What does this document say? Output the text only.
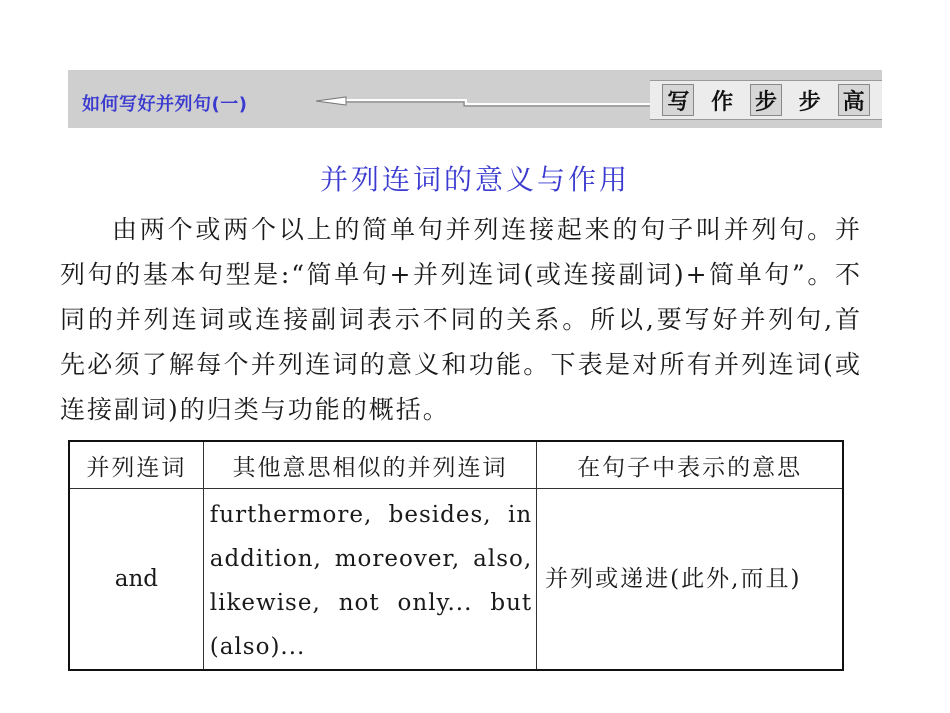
如何写好并列句(一)	写 作 步 步 高
并列连词的意义与作用

由两个或两个以上的简单句并列连接起来的句子叫并列句。并列句的基本句型是:“简单句+并列连词(或连接副词)+简单句”。不同的并列连词或连接副词表示不同的关系。所以,要写好并列句,首先必须了解每个并列连词的意义和功能。下表是对所有并列连词(或连接副词)的归类与功能的概括。

并列连词	其他意思相似的并列连词	在句子中表示的意思
and	furthermore, besides, in addition, moreover, also, likewise, not only... but (also)...	并列或递进(此外,而且)
